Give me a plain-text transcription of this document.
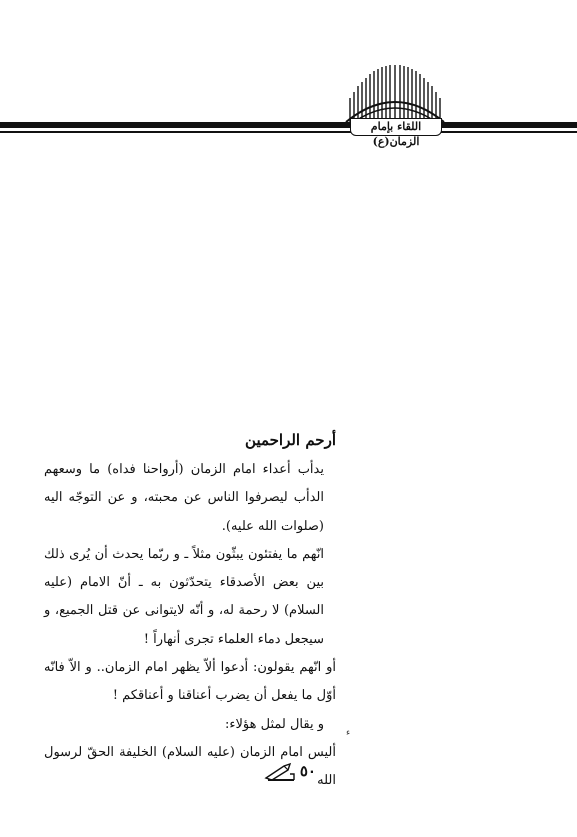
اللقاء بإمام الزمان(ع)

أرحم الراحمين

يدأب أعداء امام الزمان (أرواحنا فداه) ما وسعهم الدأب ليصرفوا الناس عن محبته، و عن التوجّه اليه (صلوات الله عليه).

انّهم ما يفتئون يبثّون مثلاً ـ و ربّما يحدث أن يُرى ذلك بين بعض الأصدقاء يتحدّثون به ـ أنّ الامام (عليه السلام) لا رحمة له، و أنّه لايتوانى عن قتل الجميع، و سيجعل دماء العلماء تجرى أنهاراً !

أو انّهم يقولون: أدعوا ألاّ يظهر امام الزمان.. و الاّ فانّه أوّل ما يفعل أن يضرب أعناقنا و أعناقكم !

و يقال لمثل هؤلاء:

أليس امام الزمان (عليه السلام) الخليفة الحقّ لرسول الله

ء
٥٠
